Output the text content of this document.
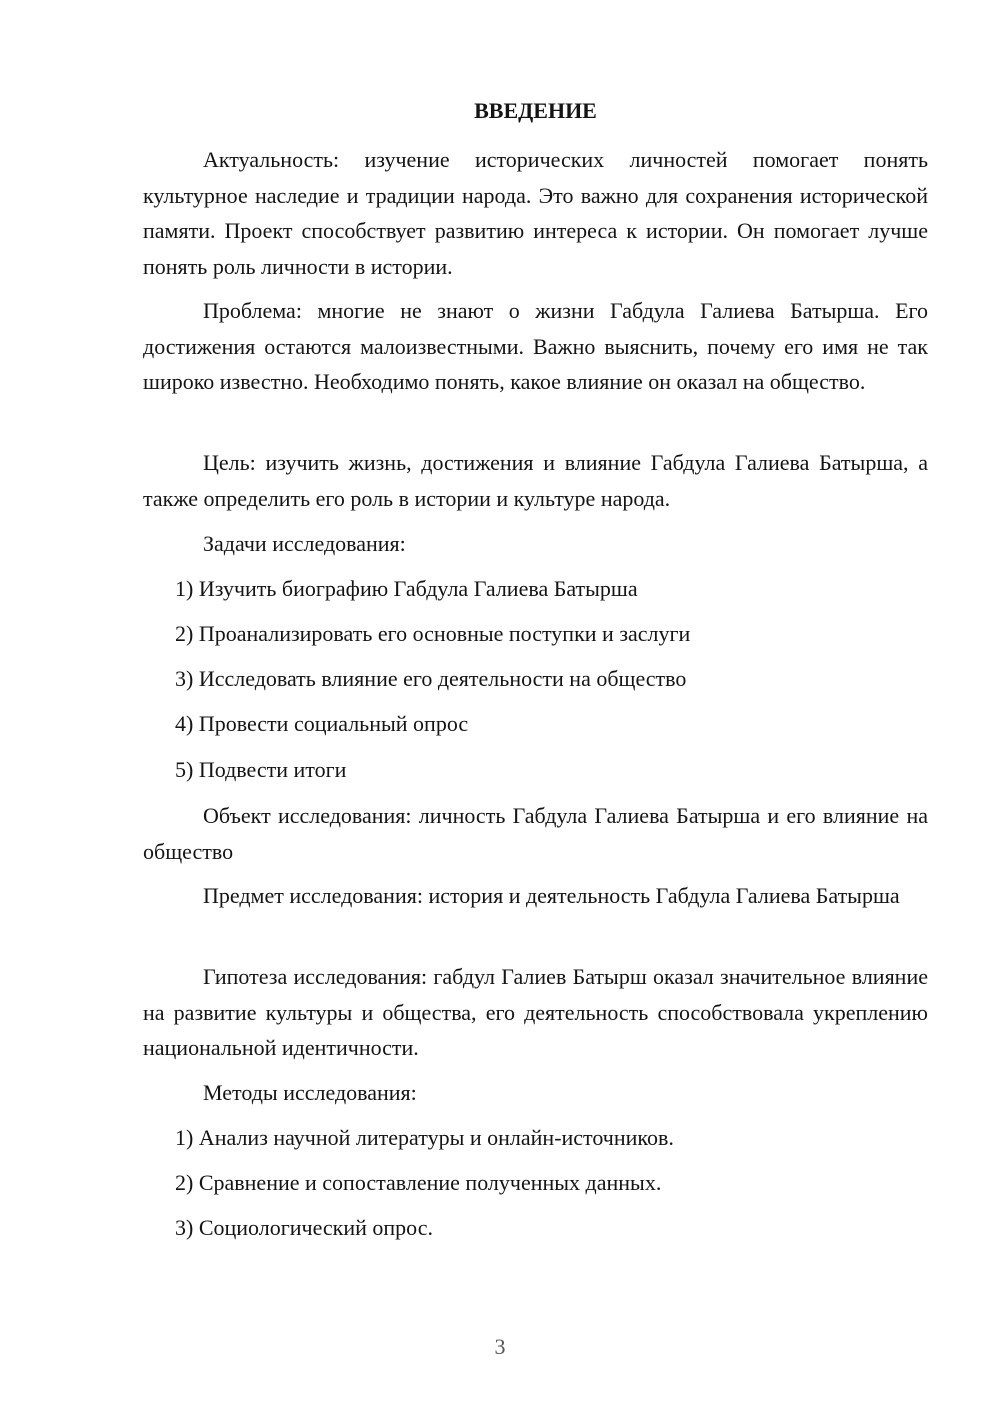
ВВЕДЕНИЕ

Актуальность: изучение исторических личностей помогает понять культурное наследие и традиции народа. Это важно для сохранения исторической памяти. Проект способствует развитию интереса к истории. Он помогает лучше понять роль личности в истории.

Проблема: многие не знают о жизни Габдула Галиева Батырша. Его достижения остаются малоизвестными. Важно выяснить, почему его имя не так широко известно. Необходимо понять, какое влияние он оказал на общество.

Цель: изучить жизнь, достижения и влияние Габдула Галиева Батырша, а также определить его роль в истории и культуре народа.

Задачи исследования:

1) Изучить биографию Габдула Галиева Батырша

2) Проанализировать его основные поступки и заслуги

3) Исследовать влияние его деятельности на общество

4) Провести социальный опрос

5) Подвести итоги

Объект исследования: личность Габдула Галиева Батырша и его влияние на общество

Предмет исследования: история и деятельность Габдула Галиева Батырша

Гипотеза исследования: габдул Галиев Батырш оказал значительное влияние на развитие культуры и общества, его деятельность способствовала укреплению национальной идентичности.

Методы исследования:

1) Анализ научной литературы и онлайн-источников.

2) Сравнение и сопоставление полученных данных.

3) Социологический опрос.

3
